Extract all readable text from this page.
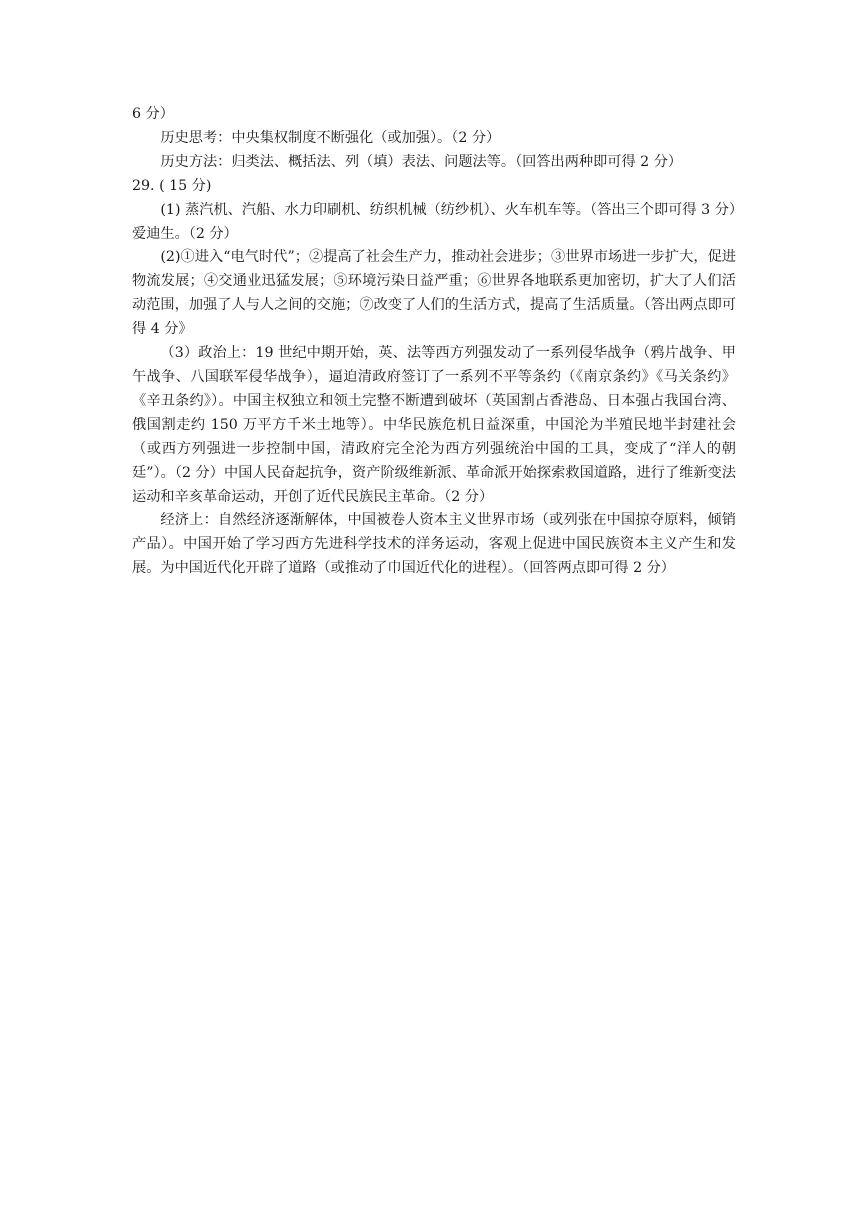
6 分）

历史思考：中央集权制度不断强化（或加强）。（2 分）

历史方法：归类法、概括法、列（填）表法、问题法等。（回答出两种即可得 2 分）

29. ( 15 分)

(1) 蒸汽机、汽船、水力印刷机、纺织机械（纺纱机）、火车机车等。（答出三个即可得 3 分）爱迪生。（2 分）

(2)①进入“电气时代”；②提高了社会生产力，推动社会进步；③世界市场进一步扩大，促进物流发展；④交通业迅猛发展；⑤环境污染日益严重；⑥世界各地联系更加密切，扩大了人们活动范围，加强了人与人之间的交施；⑦改变了人们的生活方式，提高了生活质量。（答出两点即可得 4 分》

（3）政治上：19 世纪中期开始，英、法等西方列强发动了一系列侵华战争（鸦片战争、甲午战争、八国联军侵华战争），逼迫清政府签订了一系列不平等条约（《南京条约》《马关条约》《辛丑条约》）。中国主权独立和领土完整不断遭到破坏（英国割占香港岛、日本强占我国台湾、俄国割走约 150 万平方千米土地等）。中华民族危机日益深重，中国沦为半殖民地半封建社会（或西方列强进一步控制中国，清政府完全沦为西方列强统治中国的工具，变成了“洋人的朝廷”）。（2 分）中国人民奋起抗争，资产阶级维新派、革命派开始探索救国道路，进行了维新变法运动和辛亥革命运动，开创了近代民族民主革命。（2 分）

经济上：自然经济逐渐解体，中国被卷人资本主义世界市场（或列张在中国掠夺原料，倾销产品）。中国开始了学习西方先进科学技术的洋务运动，客观上促进中国民族资本主义产生和发展。为中国近代化开辟了道路（或推动了巾国近代化的进程）。（回答两点即可得 2 分）
